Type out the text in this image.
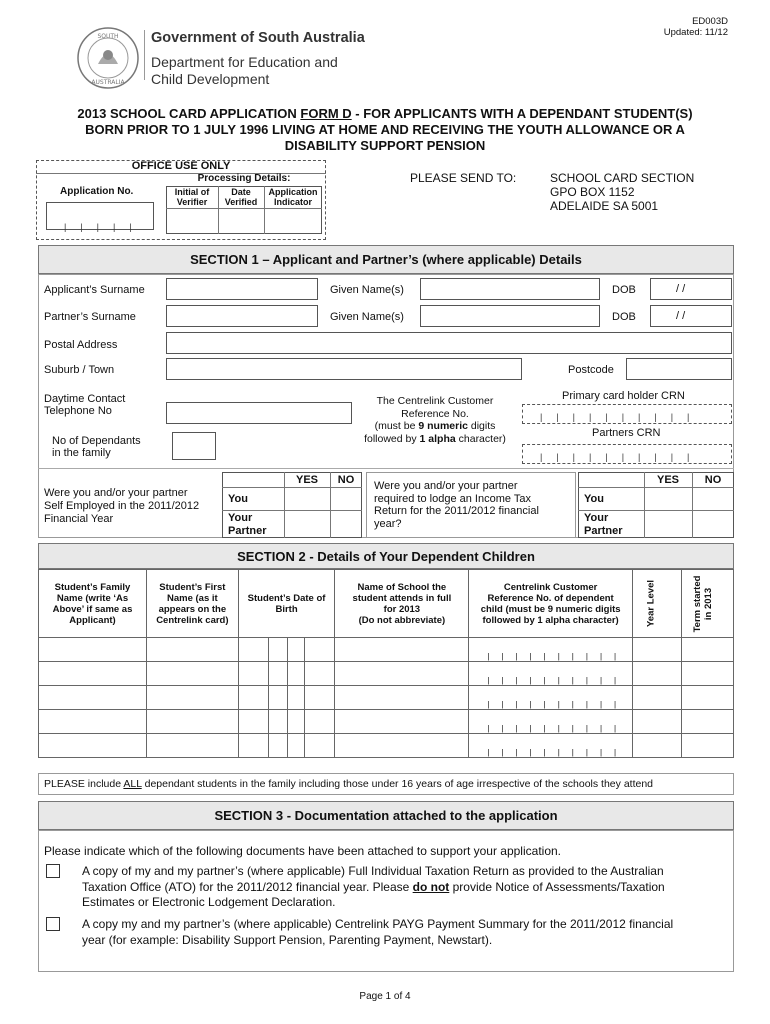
ED003D
Updated: 11/12
SOUTH
AUSTRALIA
Government of South Australia
Department for Education and
Child Development
2013 SCHOOL CARD APPLICATION FORM D - FOR APPLICANTS WITH A DEPENDANT STUDENT(S)
BORN PRIOR TO 1 JULY 1996 LIVING AT HOME AND RECEIVING THE YOUTH ALLOWANCE OR A
DISABILITY SUPPORT PENSION
OFFICE USE ONLY
Application No.
|||||
Processing Details:
Initial of
Verifier
Date
Verified
Application
Indicator
PLEASE SEND TO:	SCHOOL CARD SECTION
GPO BOX 1152
ADELAIDE SA 5001
SECTION 1 – Applicant and Partner’s (where applicable) Details
Applicant’s Surname	Given Name(s)	DOB	/ /
Partner’s Surname	Given Name(s)	DOB	/ /
Postal Address
Suburb / Town	Postcode
Daytime Contact
Telephone No
The Centrelink Customer
Reference No.
(must be 9 numeric digits
followed by 1 alpha character)
Primary card holder CRN
||||||||||
Partners CRN
||||||||||
No of Dependants
in the family
Were you and/or your partner
Self Employed in the 2011/2012
Financial Year
YES	NO
You
Your
Partner
Were you and/or your partner
required to lodge an Income Tax
Return for the 2011/2012 financial
year?
YES	NO
You
Your
Partner
SECTION 2 - Details of Your Dependent Children
Student’s Family
Name (write ‘As
Above’ if same as
Applicant)	Student’s First
Name (as it
appears on the
Centrelink card)	Student’s Date of
Birth				Name of School the
student attends in full
for 2013
(Do not abbreviate)	Centrelink Customer
Reference No. of dependent
child (must be 9 numeric digits
followed by 1 alpha character)	Year Level	Term started in 2013

							||||||||||		
							||||||||||		
							||||||||||		
							||||||||||		
							||||||||||		
PLEASE include ALL dependant students in the family including those under 16 years of age irrespective of the schools they attend
SECTION 3 - Documentation attached to the application
Please indicate which of the following documents have been attached to support your application.
A copy of my and my partner’s (where applicable) Full Individual Taxation Return as provided to the Australian
Taxation Office (ATO) for the 2011/2012 financial year. Please do not provide Notice of Assessments/Taxation
Estimates or Electronic Lodgement Declaration.
A copy my and my partner’s (where applicable) Centrelink PAYG Payment Summary for the 2011/2012 financial
year (for example: Disability Support Pension, Parenting Payment, Newstart).
Page 1 of 4
